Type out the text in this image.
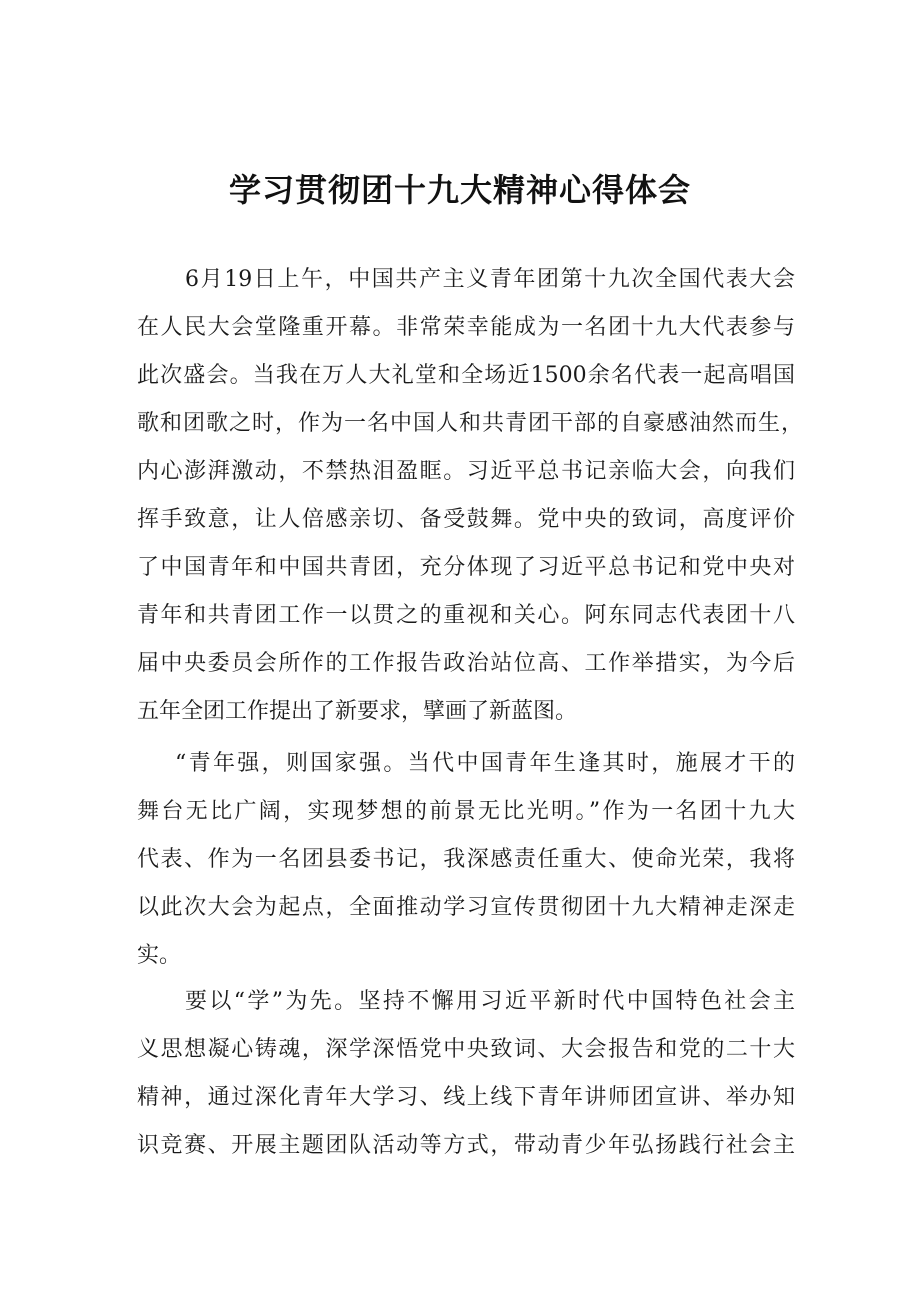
学习贯彻团十九大精神心得体会
6月19日上午，中国共产主义青年团第十九次全国代表大会
在人民大会堂隆重开幕。非常荣幸能成为一名团十九大代表参与
此次盛会。当我在万人大礼堂和全场近1500余名代表一起高唱国
歌和团歌之时，作为一名中国人和共青团干部的自豪感油然而生，
内心澎湃激动，不禁热泪盈眶。习近平总书记亲临大会，向我们
挥手致意，让人倍感亲切、备受鼓舞。党中央的致词，高度评价
了中国青年和中国共青团，充分体现了习近平总书记和党中央对
青年和共青团工作一以贯之的重视和关心。阿东同志代表团十八
届中央委员会所作的工作报告政治站位高、工作举措实，为今后
五年全团工作提出了新要求，擘画了新蓝图。
“青年强，则国家强。当代中国青年生逢其时，施展才干的
舞台无比广阔，实现梦想的前景无比光明。”作为一名团十九大
代表、作为一名团县委书记，我深感责任重大、使命光荣，我将
以此次大会为起点，全面推动学习宣传贯彻团十九大精神走深走
实。
要以“学”为先。坚持不懈用习近平新时代中国特色社会主
义思想凝心铸魂，深学深悟党中央致词、大会报告和党的二十大
精神，通过深化青年大学习、线上线下青年讲师团宣讲、举办知
识竞赛、开展主题团队活动等方式，带动青少年弘扬践行社会主
